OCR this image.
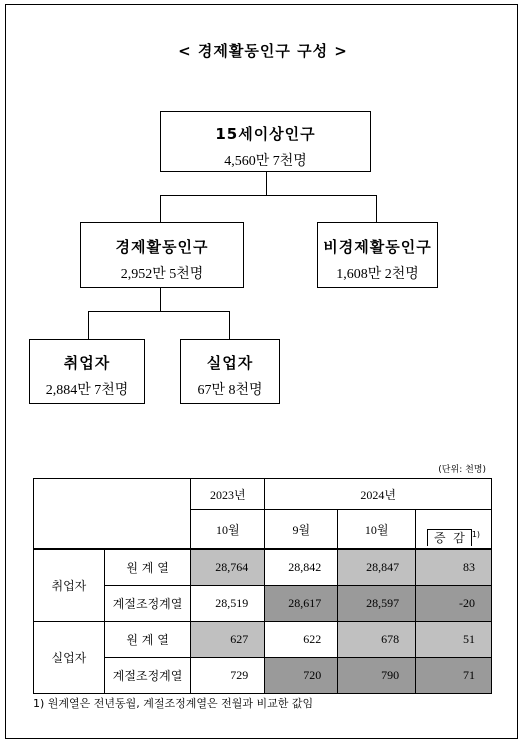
< 경제활동인구 구성 >
15세이상인구
4,560만 7천명
경제활동인구
2,952만 5천명
비경제활동인구
1,608만 2천명
취업자
2,884만 7천명
실업자
67만 8천명
(단위: 천명)
		2023년	2024년		
		10월	9월	10월	증  감 $^{1)}$
취업자	원 계 열	28,764	28,842	28,847	83
	계절조정계열	28,519	28,617	28,597	-20
실업자	원 계 열	627	622	678	51
	계절조정계열	729	720	790	71
1) 원계열은 전년동월, 계절조정계열은 전월과 비교한 값임
